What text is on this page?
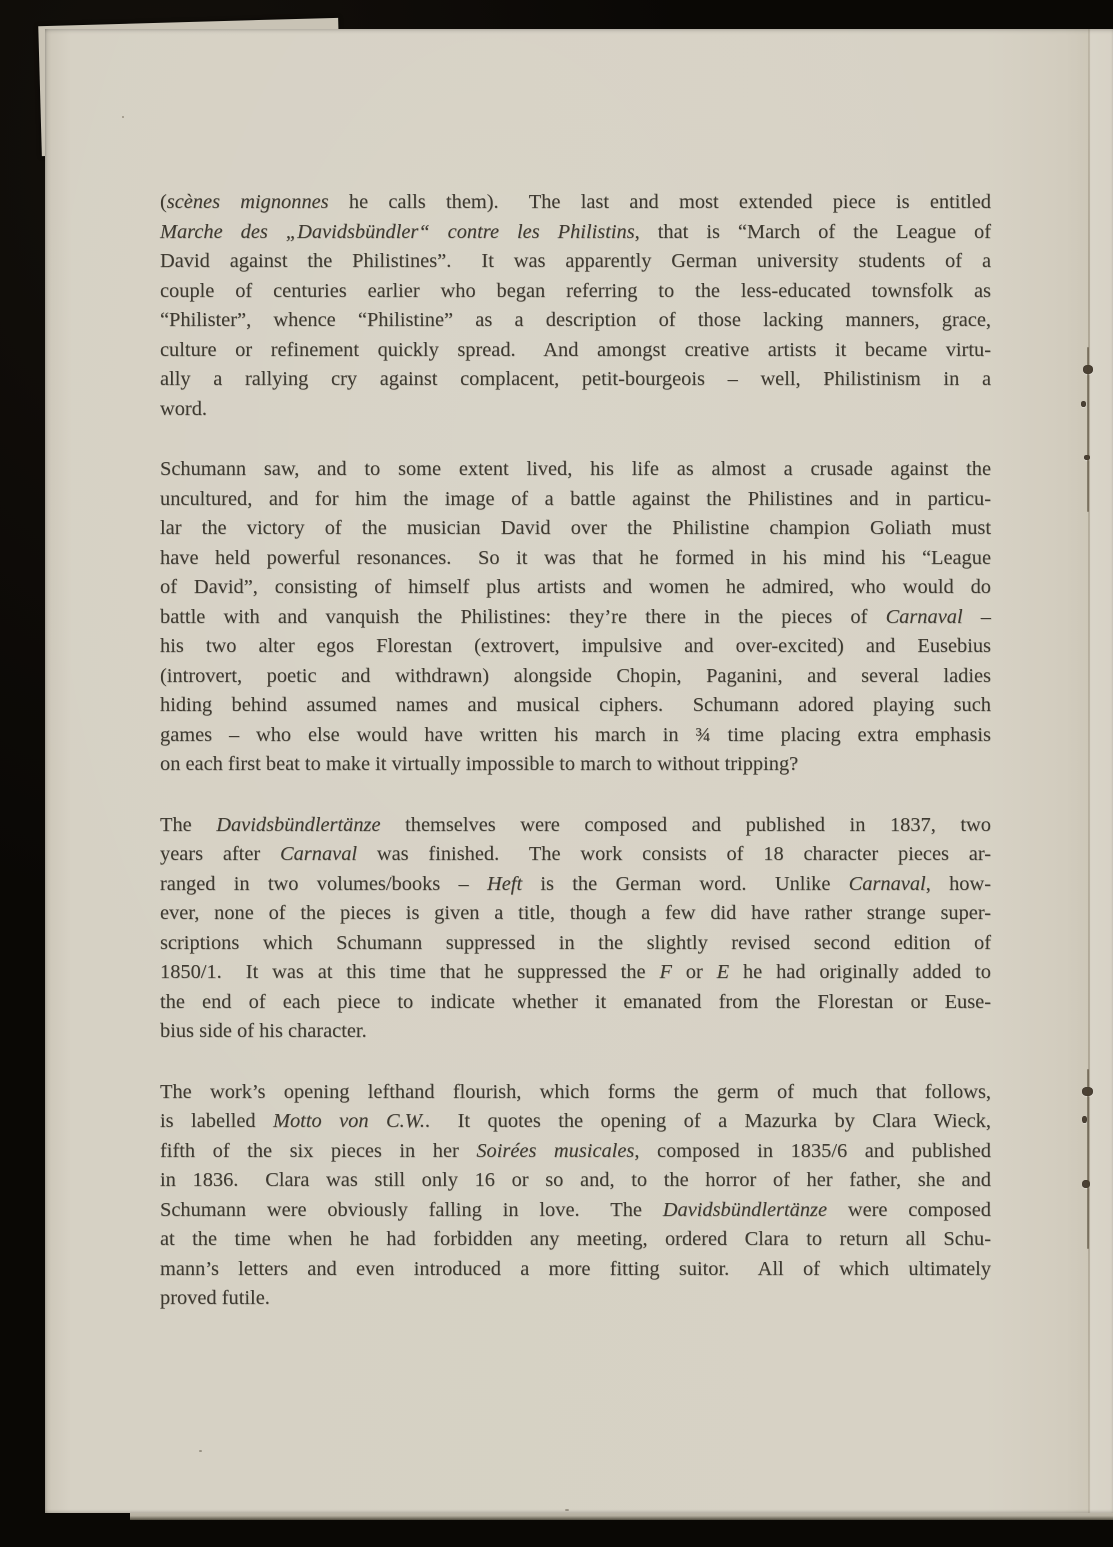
(scènes mignonnes he calls them).  The last and most extended piece is entitled
Marche des „Davidsbündler“ contre les Philistins, that is “March of the League of
David against the Philistines”.  It was apparently German university students of a
couple of centuries earlier who began referring to the less-educated townsfolk as
“Philister”, whence “Philistine” as a description of those lacking manners, grace,
culture or refinement quickly spread.  And amongst creative artists it became virtu-
ally a rallying cry against complacent, petit-bourgeois – well, Philistinism in a
word.
Schumann saw, and to some extent lived, his life as almost a crusade against the
uncultured, and for him the image of a battle against the Philistines and in particu-
lar the victory of the musician David over the Philistine champion Goliath must
have held powerful resonances.  So it was that he formed in his mind his “League
of David”, consisting of himself plus artists and women he admired, who would do
battle with and vanquish the Philistines: they’re there in the pieces of Carnaval –
his two alter egos Florestan (extrovert, impulsive and over-excited) and Eusebius
(introvert, poetic and withdrawn) alongside Chopin, Paganini, and several ladies
hiding behind assumed names and musical ciphers.  Schumann adored playing such
games – who else would have written his march in ¾ time placing extra emphasis
on each first beat to make it virtually impossible to march to without tripping?
The Davidsbündlertänze themselves were composed and published in 1837, two
years after Carnaval was finished.  The work consists of 18 character pieces ar-
ranged in two volumes/books – Heft is the German word.  Unlike Carnaval, how-
ever, none of the pieces is given a title, though a few did have rather strange super-
scriptions which Schumann suppressed in the slightly revised second edition of
1850/1.  It was at this time that he suppressed the F or E he had originally added to
the end of each piece to indicate whether it emanated from the Florestan or Euse-
bius side of his character.
The work’s opening lefthand flourish, which forms the germ of much that follows,
is labelled Motto von C.W..  It quotes the opening of a Mazurka by Clara Wieck,
fifth of the six pieces in her Soirées musicales, composed in 1835/6 and published
in 1836.  Clara was still only 16 or so and, to the horror of her father, she and
Schumann were obviously falling in love.  The Davidsbündlertänze were composed
at the time when he had forbidden any meeting, ordered Clara to return all Schu-
mann’s letters and even introduced a more fitting suitor.  All of which ultimately
proved futile.
